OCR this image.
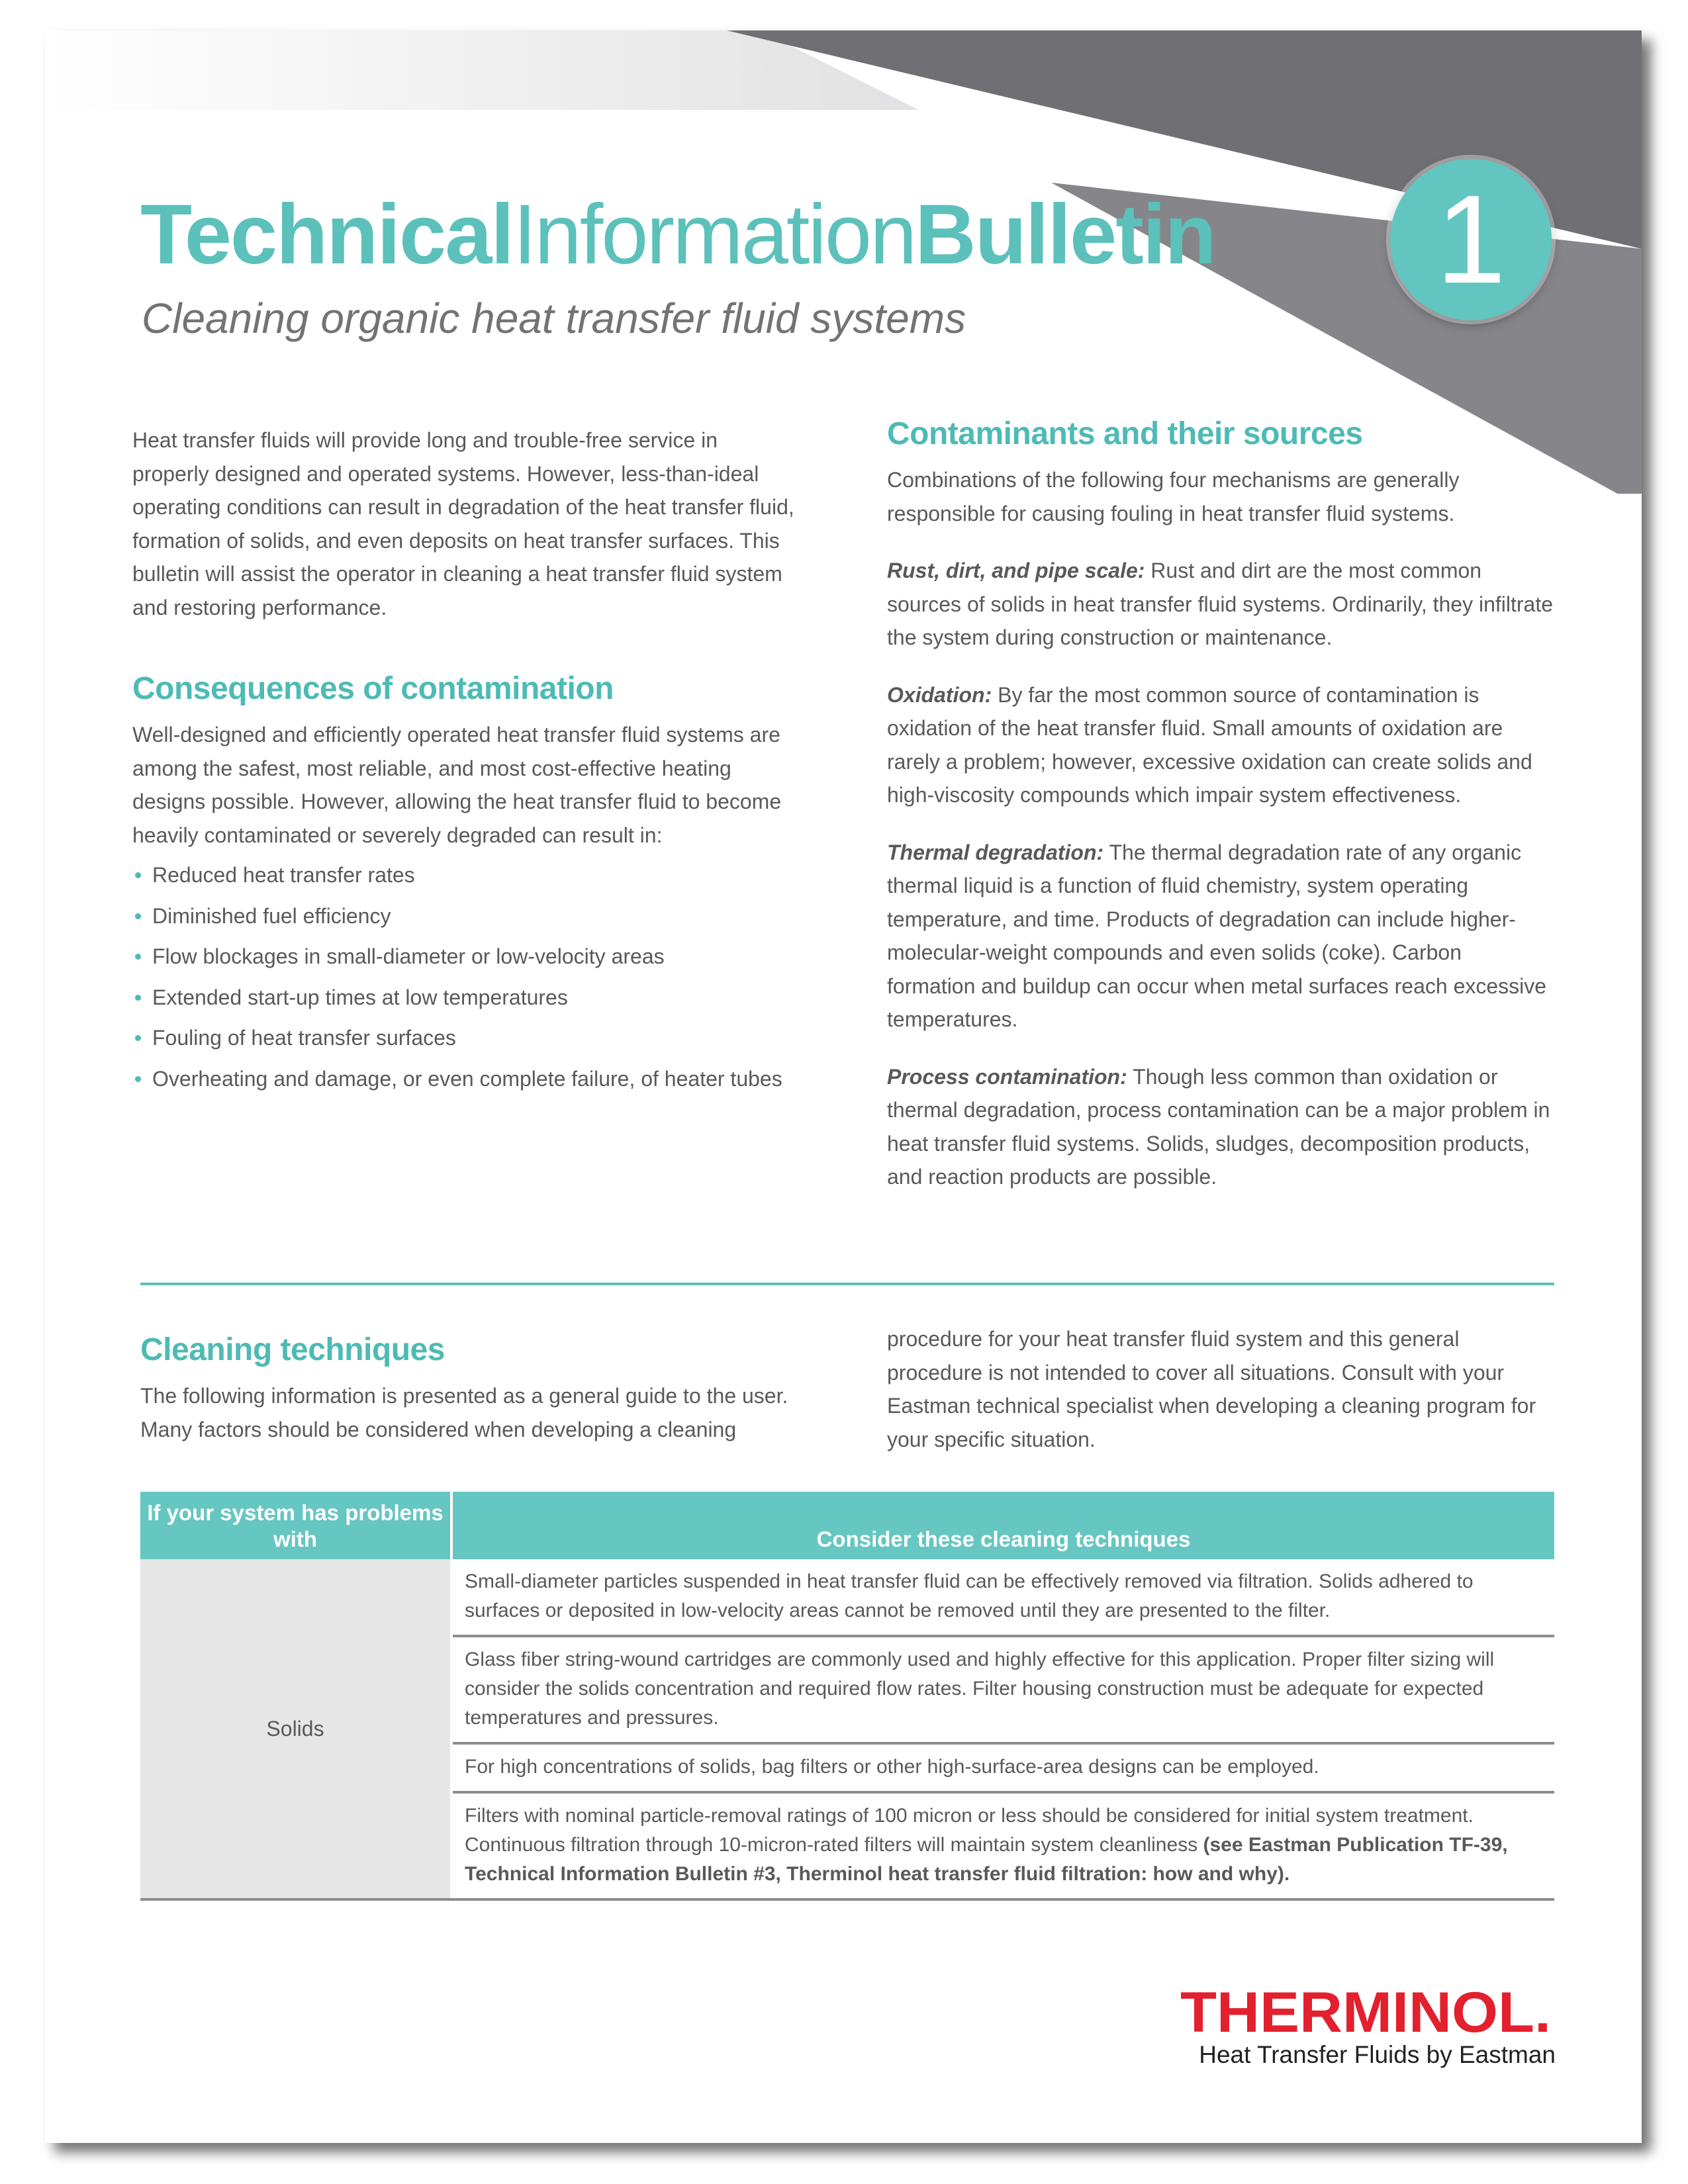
1
TechnicalInformationBulletin
Cleaning organic heat transfer fluid systems

Heat transfer fluids will provide long and trouble-free service in properly designed and operated systems. However, less-than-ideal operating conditions can result in degradation of the heat transfer fluid, formation of solids, and even deposits on heat transfer surfaces. This bulletin will assist the operator in cleaning a heat transfer fluid system and restoring performance.

Consequences of contamination

Well-designed and efficiently operated heat transfer fluid systems are among the safest, most reliable, and most cost-effective heating designs possible. However, allowing the heat transfer fluid to become heavily contaminated or severely degraded can result in:

Reduced heat transfer rates
Diminished fuel efficiency
Flow blockages in small-diameter or low-velocity areas
Extended start-up times at low temperatures
Fouling of heat transfer surfaces
Overheating and damage, or even complete failure, of heater tubes
Contaminants and their sources

Combinations of the following four mechanisms are generally responsible for causing fouling in heat transfer fluid systems.

Rust, dirt, and pipe scale: Rust and dirt are the most common sources of solids in heat transfer fluid systems. Ordinarily, they infiltrate the system during construction or maintenance.

Oxidation: By far the most common source of contamination is oxidation of the heat transfer fluid. Small amounts of oxidation are rarely a problem; however, excessive oxidation can create solids and high-viscosity compounds which impair system effectiveness.

Thermal degradation: The thermal degradation rate of any organic thermal liquid is a function of fluid chemistry, system operating temperature, and time. Products of degradation can include higher-molecular-weight compounds and even solids (coke). Carbon formation and buildup can occur when metal surfaces reach excessive temperatures.

Process contamination: Though less common than oxidation or thermal degradation, process contamination can be a major problem in heat transfer fluid systems. Solids, sludges, decomposition products, and reaction products are possible.

Cleaning techniques

The following information is presented as a general guide to the user. Many factors should be considered when developing a cleaning

procedure for your heat transfer fluid system and this general procedure is not intended to cover all situations. Consult with your Eastman technical specialist when developing a cleaning program for your specific situation.

If your system has problems with	Consider these cleaning techniques
Solids	Small-diameter particles suspended in heat transfer fluid can be effectively removed via filtration. Solids adhered to surfaces or deposited in low-velocity areas cannot be removed until they are presented to the filter.
	Glass fiber string-wound cartridges are commonly used and highly effective for this application. Proper filter sizing will consider the solids concentration and required flow rates. Filter housing construction must be adequate for expected temperatures and pressures.
	For high concentrations of solids, bag filters or other high-surface-area designs can be employed.
	Filters with nominal particle-removal ratings of 100 micron or less should be considered for initial system treatment. Continuous filtration through 10-micron-rated filters will maintain system cleanliness (see Eastman Publication TF-39, Technical Information Bulletin #3, Therminol heat transfer fluid filtration: how and why).
THERMINOL.
Heat Transfer Fluids by Eastman
